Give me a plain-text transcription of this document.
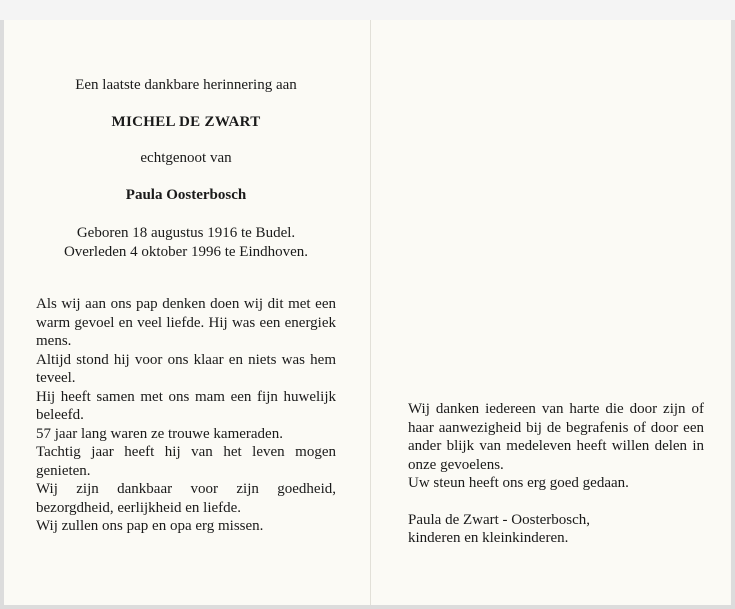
Een laatste dankbare herinnering aan

MICHEL DE ZWART

echtgenoot van

Paula Oosterbosch

Geboren 18 augustus 1916 te Budel.

Overleden 4 oktober 1996 te Eindhoven.

Als wij aan ons pap denken doen wij dit met een warm gevoel en veel liefde. Hij was een energiek mens.

Altijd stond hij voor ons klaar en niets was hem teveel.

Hij heeft samen met ons mam een fijn huwelijk beleefd.

57 jaar lang waren ze trouwe kameraden.

Tachtig jaar heeft hij van het leven mogen genieten.

Wij zijn dankbaar voor zijn goedheid, bezorgdheid, eerlijkheid en liefde.

Wij zullen ons pap en opa erg missen.

Wij danken iedereen van harte die door zijn of haar aanwezigheid bij de begrafenis of door een ander blijk van medeleven heeft willen delen in onze gevoelens.

Uw steun heeft ons erg goed gedaan.

Paula de Zwart - Oosterbosch,

kinderen en kleinkinderen.
